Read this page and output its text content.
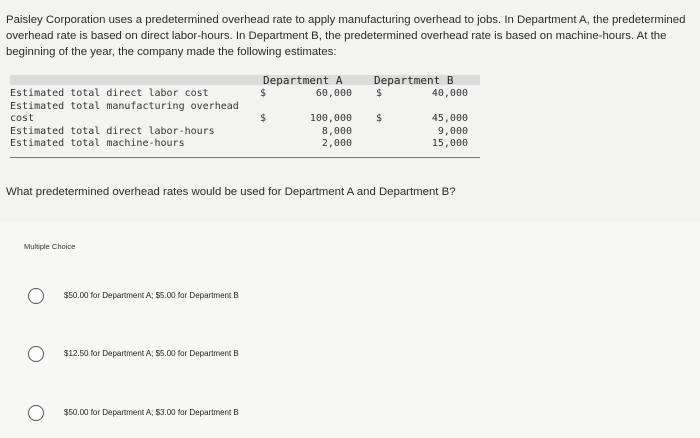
Paisley Corporation uses a predetermined overhead rate to apply manufacturing overhead to jobs. In Department A, the predetermined overhead rate is based on direct labor-hours. In Department B, the predetermined overhead rate is based on machine-hours. At the beginning of the year, the company made the following estimates:

Department A	Department B
Estimated total direct labor cost	$	60,000 $	40,000
Estimated total manufacturing overhead
cost	$	100,000 $	45,000
Estimated total direct labor-hours	8,000	9,000
Estimated total machine-hours	2,000	15,000

What predetermined overhead rates would be used for Department A and Department B?

Multiple Choice
$50.00 for Department A; $5.00 for Department B
$12.50 for Department A; $5.00 for Department B
$50.00 for Department A; $3.00 for Department B
